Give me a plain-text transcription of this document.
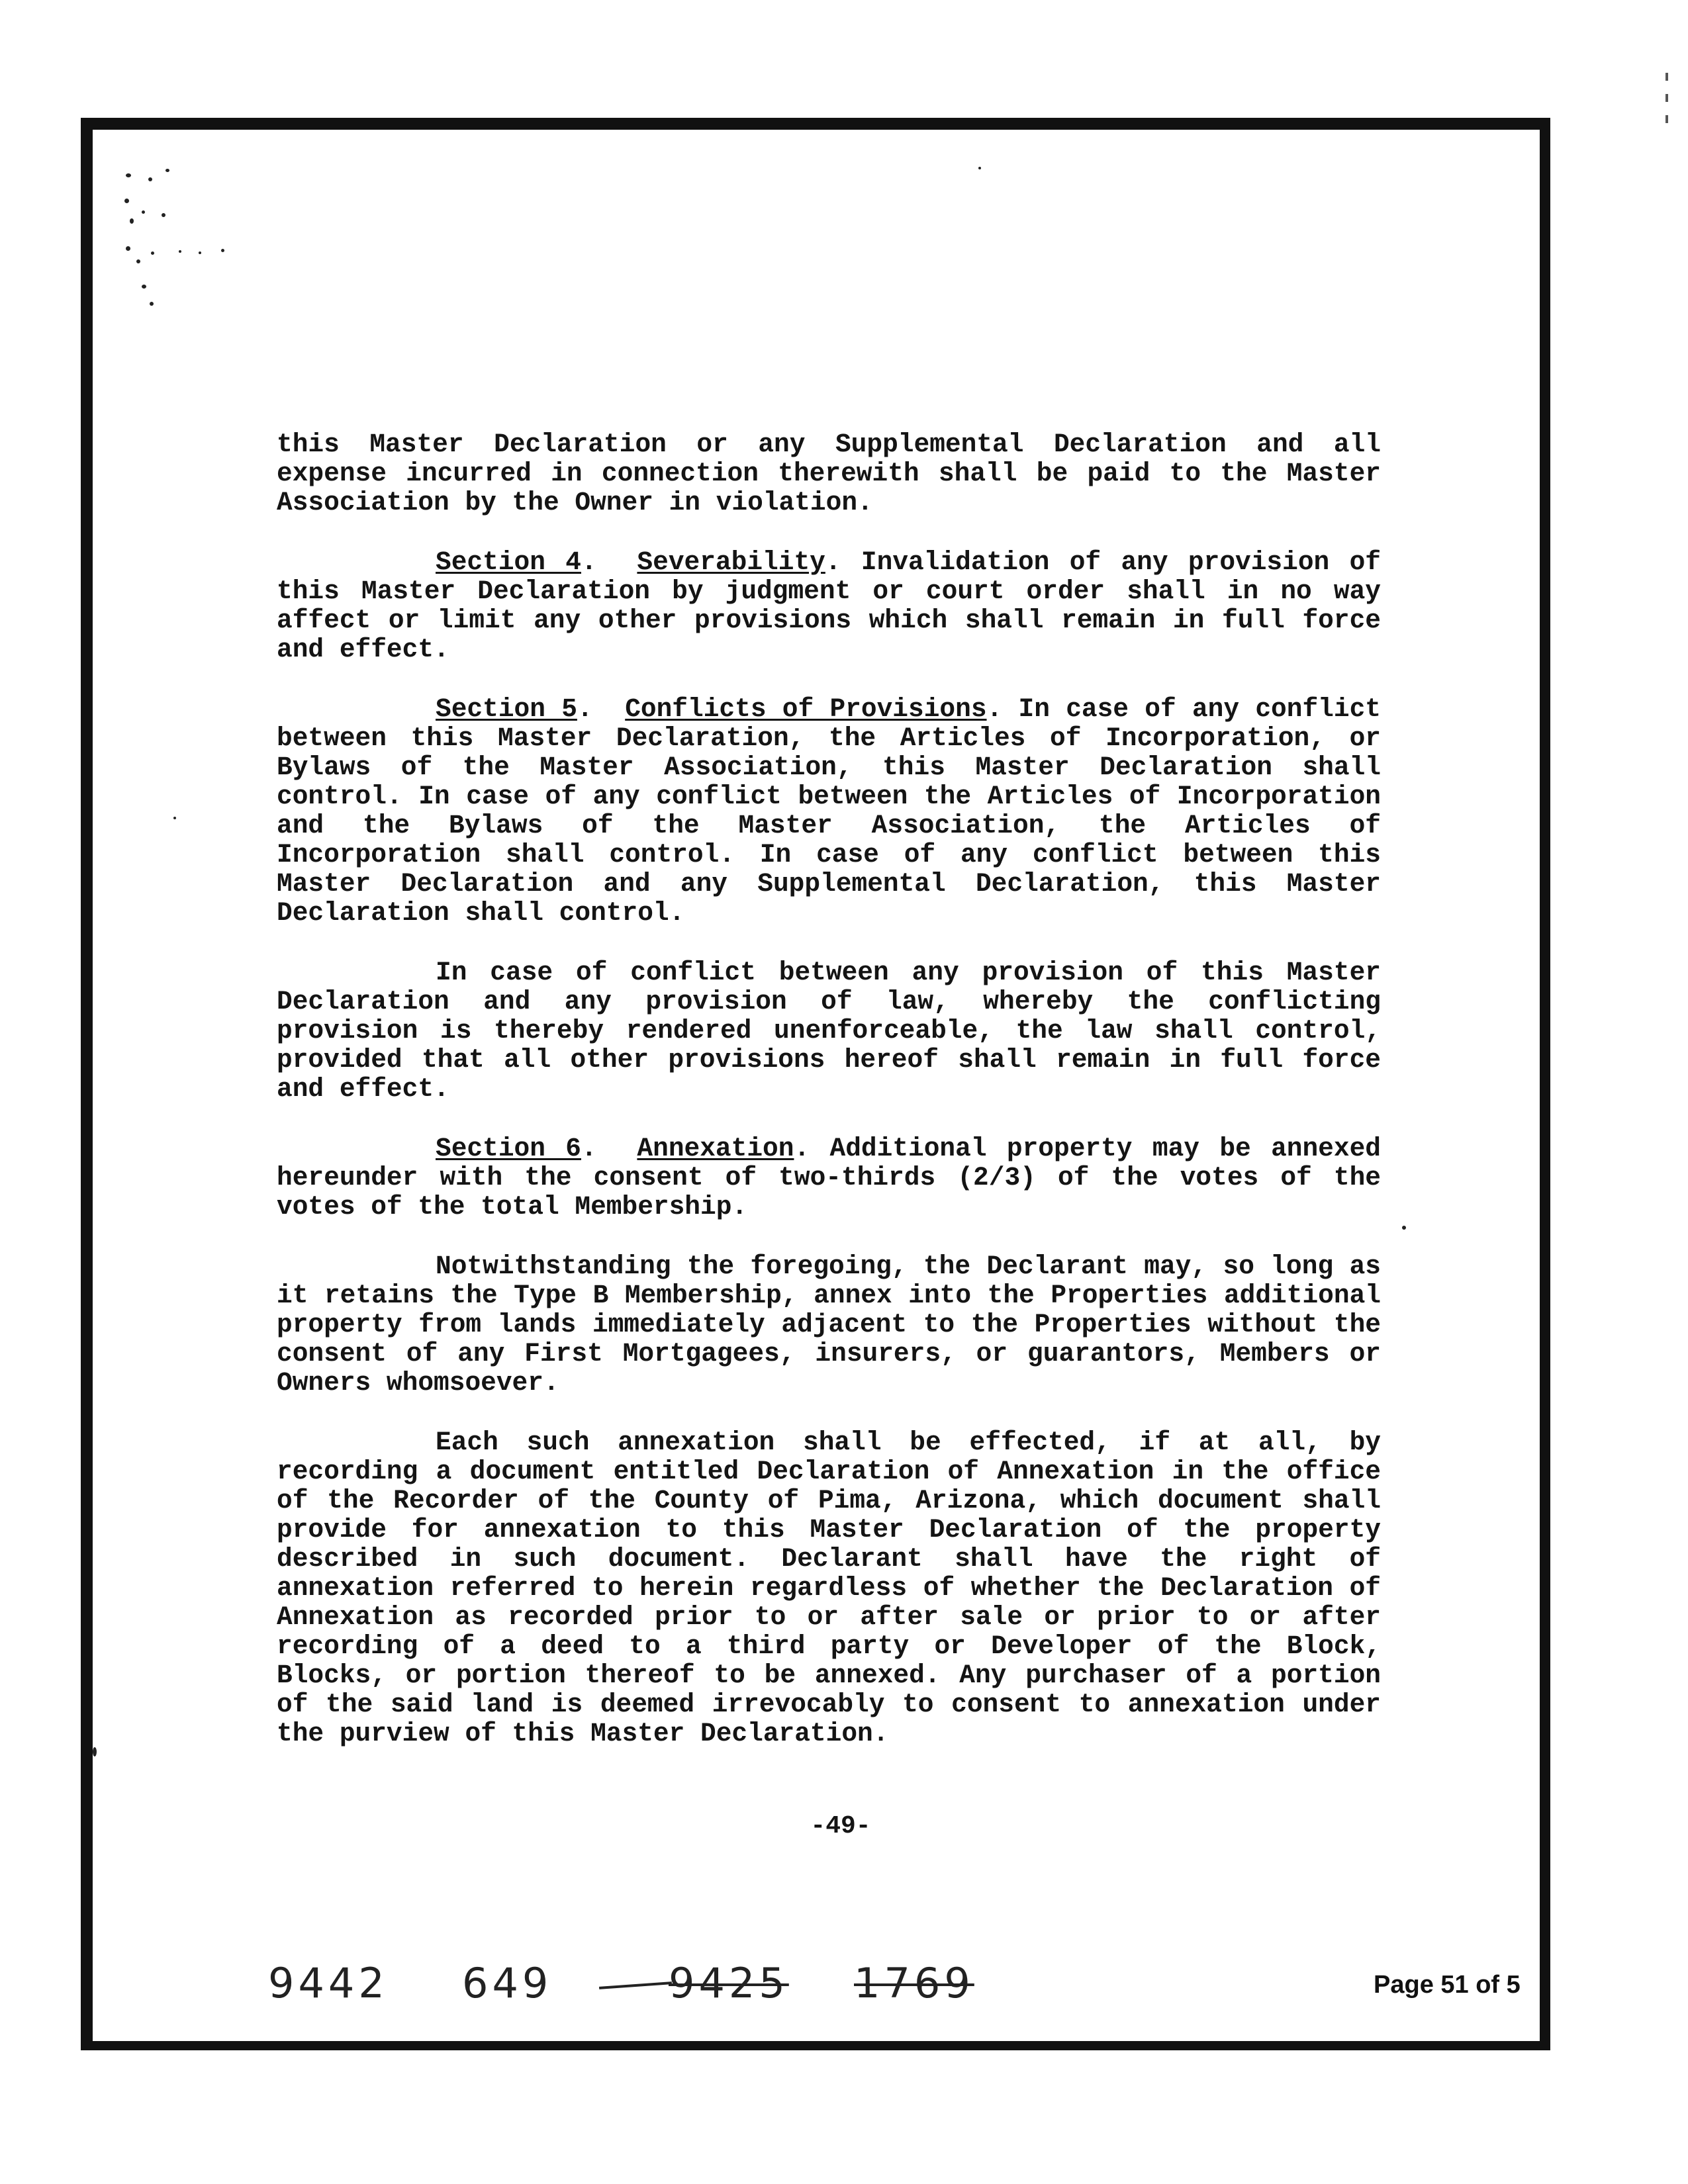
this Master Declaration or any Supplemental Declaration and all expense incurred in connection therewith shall be paid to the Master Association by the Owner in violation.

Section 4. Severability. Invalidation of any provision of this Master Declaration by judgment or court order shall in no way affect or limit any other provisions which shall remain in full force and effect.

Section 5. Conflicts of Provisions. In case of any conflict between this Master Declaration, the Articles of Incorporation, or Bylaws of the Master Association, this Master Declaration shall control. In case of any conflict between the Articles of Incorporation and the Bylaws of the Master Association, the Articles of Incorporation shall control. In case of any conflict between this Master Declaration and any Supplemental Declaration, this Master Declaration shall control.

In case of conflict between any provision of this Master Declaration and any provision of law, whereby the conflicting provision is thereby rendered unenforceable, the law shall control, provided that all other provisions hereof shall remain in full force and effect.

Section 6. Annexation. Additional property may be annexed hereunder with the consent of two-thirds (2/3) of the votes of the votes of the total Membership.

Notwithstanding the foregoing, the Declarant may, so long as it retains the Type B Membership, annex into the Properties additional property from lands immediately adjacent to the Properties without the consent of any First Mortgagees, insurers, or guarantors, Members or Owners whomsoever.

Each such annexation shall be effected, if at all, by recording a document entitled Declaration of Annexation in the office of the Recorder of the County of Pima, Arizona, which document shall provide for annexation to this Master Declaration of the property described in such document. Declarant shall have the right of annexation referred to herein regardless of whether the Declaration of Annexation as recorded prior to or after sale or prior to or after recording of a deed to a third party or Developer of the Block, Blocks, or portion thereof to be annexed. Any purchaser of a portion of the said land is deemed irrevocably to consent to annexation under the purview of this Master Declaration.

-49-
9442 649	9425 1769	Page 51 of 5
